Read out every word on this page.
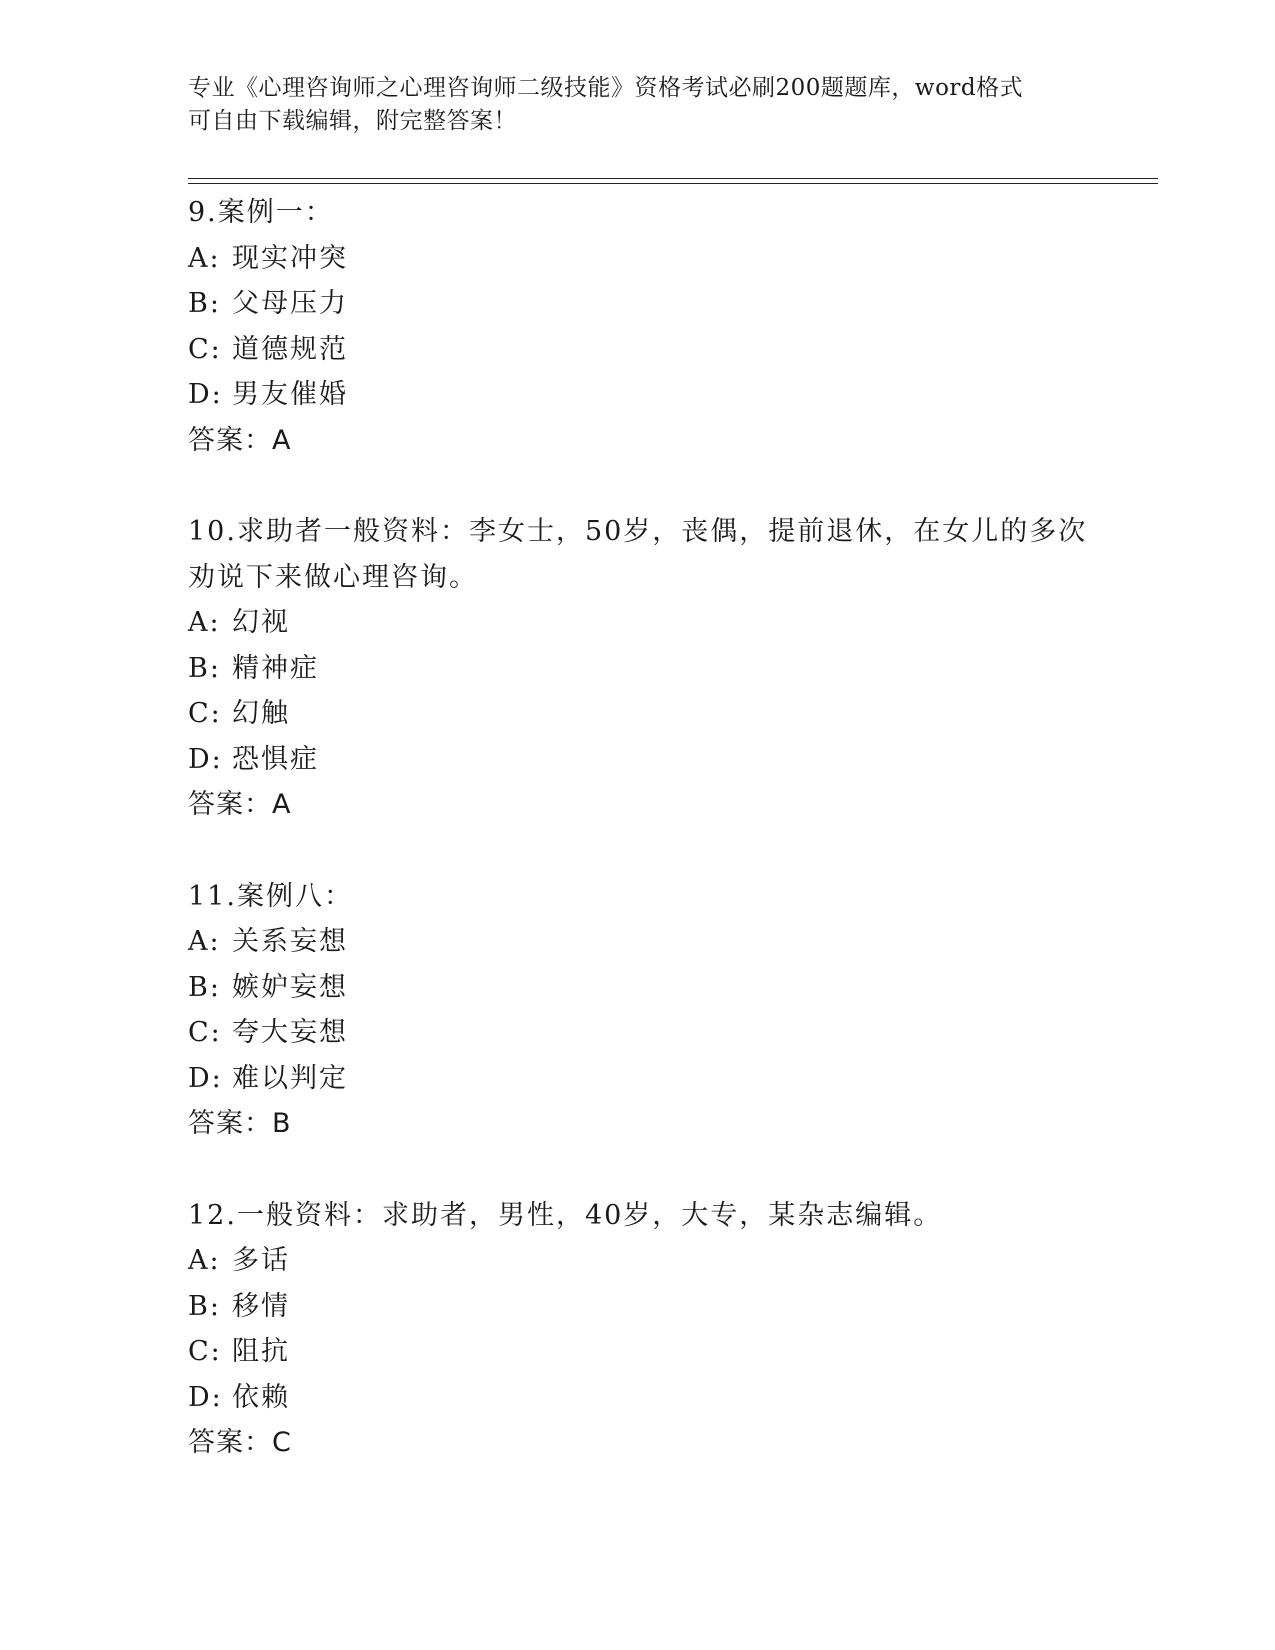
专业《心理咨询师之心理咨询师二级技能》资格考试必刷200题题库，word格式
可自由下载编辑，附完整答案！

9.案例一：

A: 现实冲突

B: 父母压力

C: 道德规范

D: 男友催婚

答案：A

10.求助者一般资料：李女士，50岁，丧偶，提前退休，在女儿的多次劝说下来做心理咨询。

A: 幻视

B: 精神症

C: 幻触

D: 恐惧症

答案：A

11.案例八：

A: 关系妄想

B: 嫉妒妄想

C: 夸大妄想

D: 难以判定

答案：B

12.一般资料：求助者，男性，40岁，大专，某杂志编辑。

A: 多话

B: 移情

C: 阻抗

D: 依赖

答案：C
